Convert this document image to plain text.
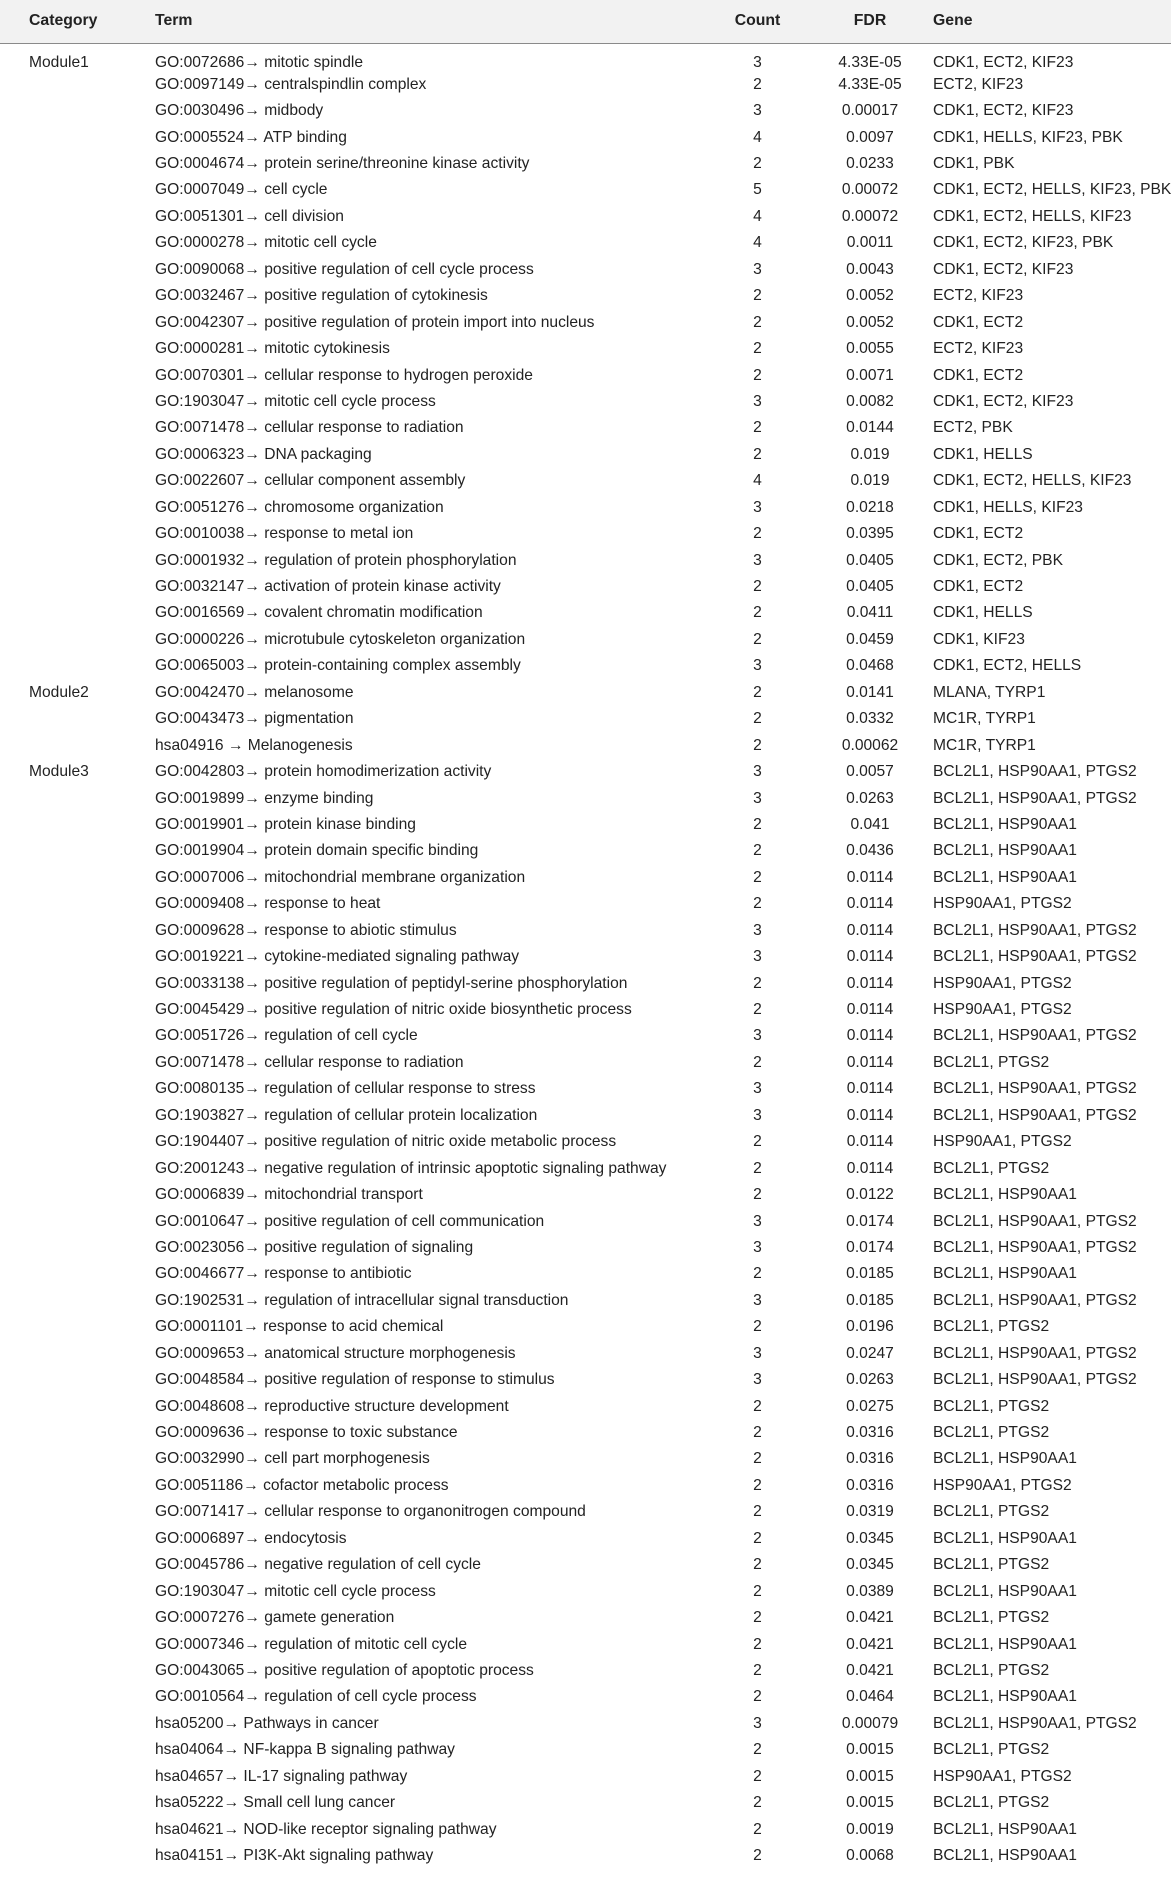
Category	Term	Count	FDR	Gene
Module1	GO:0072686→ mitotic spindle	3	4.33E-05	CDK1, ECT2, KIF23
	GO:0097149→ centralspindlin complex	2	4.33E-05	ECT2, KIF23
	GO:0030496→ midbody	3	0.00017	CDK1, ECT2, KIF23
	GO:0005524→ ATP binding	4	0.0097	CDK1, HELLS, KIF23, PBK
	GO:0004674→ protein serine/threonine kinase activity	2	0.0233	CDK1, PBK
	GO:0007049→ cell cycle	5	0.00072	CDK1, ECT2, HELLS, KIF23, PBK
	GO:0051301→ cell division	4	0.00072	CDK1, ECT2, HELLS, KIF23
	GO:0000278→ mitotic cell cycle	4	0.0011	CDK1, ECT2, KIF23, PBK
	GO:0090068→ positive regulation of cell cycle process	3	0.0043	CDK1, ECT2, KIF23
	GO:0032467→ positive regulation of cytokinesis	2	0.0052	ECT2, KIF23
	GO:0042307→ positive regulation of protein import into nucleus	2	0.0052	CDK1, ECT2
	GO:0000281→ mitotic cytokinesis	2	0.0055	ECT2, KIF23
	GO:0070301→ cellular response to hydrogen peroxide	2	0.0071	CDK1, ECT2
	GO:1903047→ mitotic cell cycle process	3	0.0082	CDK1, ECT2, KIF23
	GO:0071478→ cellular response to radiation	2	0.0144	ECT2, PBK
	GO:0006323→ DNA packaging	2	0.019	CDK1, HELLS
	GO:0022607→ cellular component assembly	4	0.019	CDK1, ECT2, HELLS, KIF23
	GO:0051276→ chromosome organization	3	0.0218	CDK1, HELLS, KIF23
	GO:0010038→ response to metal ion	2	0.0395	CDK1, ECT2
	GO:0001932→ regulation of protein phosphorylation	3	0.0405	CDK1, ECT2, PBK
	GO:0032147→ activation of protein kinase activity	2	0.0405	CDK1, ECT2
	GO:0016569→ covalent chromatin modification	2	0.0411	CDK1, HELLS
	GO:0000226→ microtubule cytoskeleton organization	2	0.0459	CDK1, KIF23
	GO:0065003→ protein-containing complex assembly	3	0.0468	CDK1, ECT2, HELLS
Module2	GO:0042470→ melanosome	2	0.0141	MLANA, TYRP1
	GO:0043473→ pigmentation	2	0.0332	MC1R, TYRP1
	hsa04916 → Melanogenesis	2	0.00062	MC1R, TYRP1
Module3	GO:0042803→ protein homodimerization activity	3	0.0057	BCL2L1, HSP90AA1, PTGS2
	GO:0019899→ enzyme binding	3	0.0263	BCL2L1, HSP90AA1, PTGS2
	GO:0019901→ protein kinase binding	2	0.041	BCL2L1, HSP90AA1
	GO:0019904→ protein domain specific binding	2	0.0436	BCL2L1, HSP90AA1
	GO:0007006→ mitochondrial membrane organization	2	0.0114	BCL2L1, HSP90AA1
	GO:0009408→ response to heat	2	0.0114	HSP90AA1, PTGS2
	GO:0009628→ response to abiotic stimulus	3	0.0114	BCL2L1, HSP90AA1, PTGS2
	GO:0019221→ cytokine-mediated signaling pathway	3	0.0114	BCL2L1, HSP90AA1, PTGS2
	GO:0033138→ positive regulation of peptidyl-serine phosphorylation	2	0.0114	HSP90AA1, PTGS2
	GO:0045429→ positive regulation of nitric oxide biosynthetic process	2	0.0114	HSP90AA1, PTGS2
	GO:0051726→ regulation of cell cycle	3	0.0114	BCL2L1, HSP90AA1, PTGS2
	GO:0071478→ cellular response to radiation	2	0.0114	BCL2L1, PTGS2
	GO:0080135→ regulation of cellular response to stress	3	0.0114	BCL2L1, HSP90AA1, PTGS2
	GO:1903827→ regulation of cellular protein localization	3	0.0114	BCL2L1, HSP90AA1, PTGS2
	GO:1904407→ positive regulation of nitric oxide metabolic process	2	0.0114	HSP90AA1, PTGS2
	GO:2001243→ negative regulation of intrinsic apoptotic signaling pathway	2	0.0114	BCL2L1, PTGS2
	GO:0006839→ mitochondrial transport	2	0.0122	BCL2L1, HSP90AA1
	GO:0010647→ positive regulation of cell communication	3	0.0174	BCL2L1, HSP90AA1, PTGS2
	GO:0023056→ positive regulation of signaling	3	0.0174	BCL2L1, HSP90AA1, PTGS2
	GO:0046677→ response to antibiotic	2	0.0185	BCL2L1, HSP90AA1
	GO:1902531→ regulation of intracellular signal transduction	3	0.0185	BCL2L1, HSP90AA1, PTGS2
	GO:0001101→ response to acid chemical	2	0.0196	BCL2L1, PTGS2
	GO:0009653→ anatomical structure morphogenesis	3	0.0247	BCL2L1, HSP90AA1, PTGS2
	GO:0048584→ positive regulation of response to stimulus	3	0.0263	BCL2L1, HSP90AA1, PTGS2
	GO:0048608→ reproductive structure development	2	0.0275	BCL2L1, PTGS2
	GO:0009636→ response to toxic substance	2	0.0316	BCL2L1, PTGS2
	GO:0032990→ cell part morphogenesis	2	0.0316	BCL2L1, HSP90AA1
	GO:0051186→ cofactor metabolic process	2	0.0316	HSP90AA1, PTGS2
	GO:0071417→ cellular response to organonitrogen compound	2	0.0319	BCL2L1, PTGS2
	GO:0006897→ endocytosis	2	0.0345	BCL2L1, HSP90AA1
	GO:0045786→ negative regulation of cell cycle	2	0.0345	BCL2L1, PTGS2
	GO:1903047→ mitotic cell cycle process	2	0.0389	BCL2L1, HSP90AA1
	GO:0007276→ gamete generation	2	0.0421	BCL2L1, PTGS2
	GO:0007346→ regulation of mitotic cell cycle	2	0.0421	BCL2L1, HSP90AA1
	GO:0043065→ positive regulation of apoptotic process	2	0.0421	BCL2L1, PTGS2
	GO:0010564→ regulation of cell cycle process	2	0.0464	BCL2L1, HSP90AA1
	hsa05200→ Pathways in cancer	3	0.00079	BCL2L1, HSP90AA1, PTGS2
	hsa04064→ NF-kappa B signaling pathway	2	0.0015	BCL2L1, PTGS2
	hsa04657→ IL-17 signaling pathway	2	0.0015	HSP90AA1, PTGS2
	hsa05222→ Small cell lung cancer	2	0.0015	BCL2L1, PTGS2
	hsa04621→ NOD-like receptor signaling pathway	2	0.0019	BCL2L1, HSP90AA1
	hsa04151→ PI3K-Akt signaling pathway	2	0.0068	BCL2L1, HSP90AA1
